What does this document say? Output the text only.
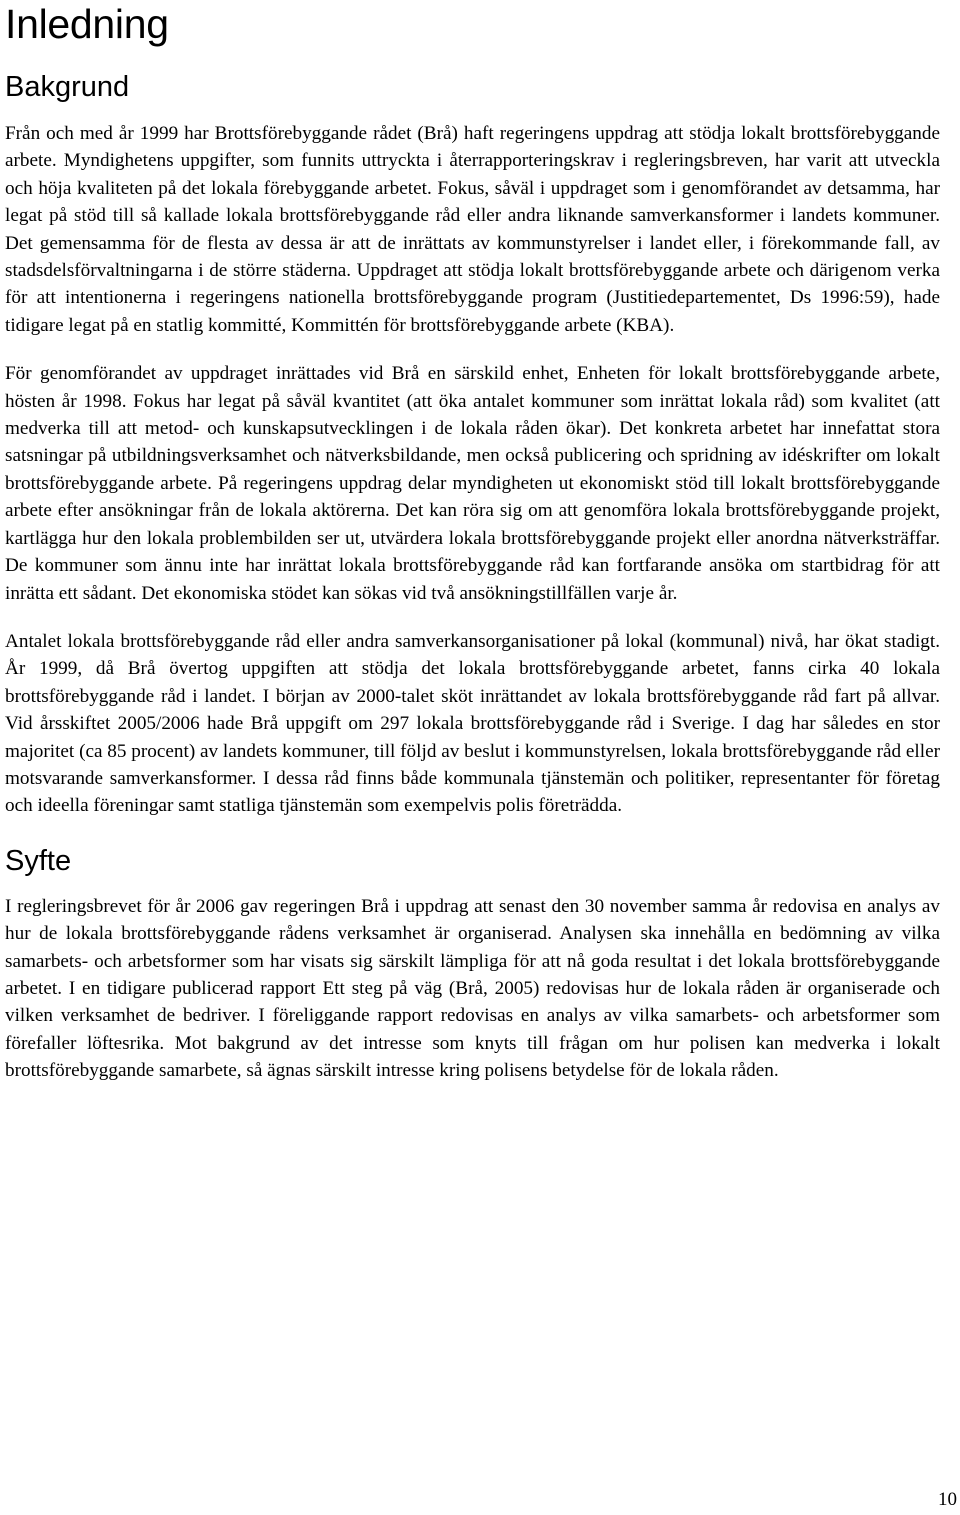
Inledning
Bakgrund

Från och med år 1999 har Brottsförebyggande rådet (Brå) haft regeringens uppdrag att stödja lokalt brottsförebyggande arbete. Myndighetens uppgifter, som funnits uttryckta i återrapporteringskrav i regleringsbreven, har varit att utveckla och höja kvaliteten på det lokala förebyggande arbetet. Fokus, såväl i uppdraget som i genomförandet av detsamma, har legat på stöd till så kallade lokala brottsförebyggande råd eller andra liknande samverkansformer i landets kommuner. Det gemensamma för de flesta av dessa är att de inrättats av kommunstyrelser i landet eller, i förekommande fall, av stadsdelsförvaltningarna i de större städerna. Uppdraget att stödja lokalt brottsförebyggande arbete och därigenom verka för att intentionerna i regeringens nationella brottsförebyggande program (Justitiedepartementet, Ds 1996:59), hade tidigare legat på en statlig kommitté, Kommittén för brottsförebyggande arbete (KBA).

För genomförandet av uppdraget inrättades vid Brå en särskild enhet, Enheten för lokalt brottsförebyggande arbete, hösten år 1998. Fokus har legat på såväl kvantitet (att öka antalet kommuner som inrättat lokala råd) som kvalitet (att medverka till att metod- och kunskapsutvecklingen i de lokala råden ökar). Det konkreta arbetet har innefattat stora satsningar på utbildningsverksamhet och nätverksbildande, men också publicering och spridning av idéskrifter om lokalt brottsförebyggande arbete. På regeringens uppdrag delar myndigheten ut ekonomiskt stöd till lokalt brottsförebyggande arbete efter ansökningar från de lokala aktörerna. Det kan röra sig om att genomföra lokala brottsförebyggande projekt, kartlägga hur den lokala problembilden ser ut, utvärdera lokala brottsförebyggande projekt eller anordna nätverksträffar. De kommuner som ännu inte har inrättat lokala brottsförebyggande råd kan fortfarande ansöka om startbidrag för att inrätta ett sådant. Det ekonomiska stödet kan sökas vid två ansökningstillfällen varje år.

Antalet lokala brottsförebyggande råd eller andra samverkansorganisationer på lokal (kommunal) nivå, har ökat stadigt. År 1999, då Brå övertog uppgiften att stödja det lokala brottsförebyggande arbetet, fanns cirka 40 lokala brottsförebyggande råd i landet. I början av 2000-talet sköt inrättandet av lokala brottsförebyggande råd fart på allvar. Vid årsskiftet 2005/2006 hade Brå uppgift om 297 lokala brottsförebyggande råd i Sverige. I dag har således en stor majoritet (ca 85 procent) av landets kommuner, till följd av beslut i kommunstyrelsen, lokala brottsförebyggande råd eller motsvarande samverkansformer. I dessa råd finns både kommunala tjänstemän och politiker, representanter för företag och ideella föreningar samt statliga tjänstemän som exempelvis polis företrädda.

Syfte

I regleringsbrevet för år 2006 gav regeringen Brå i uppdrag att senast den 30 november samma år redovisa en analys av hur de lokala brottsförebyggande rådens verksamhet är organiserad. Analysen ska innehålla en bedömning av vilka samarbets- och arbetsformer som har visats sig särskilt lämpliga för att nå goda resultat i det lokala brottsförebyggande arbetet. I en tidigare publicerad rapport Ett steg på väg (Brå, 2005) redovisas hur de lokala råden är organiserade och vilken verksamhet de bedriver. I föreliggande rapport redovisas en analys av vilka samarbets- och arbetsformer som förefaller löftesrika. Mot bakgrund av det intresse som knyts till frågan om hur polisen kan medverka i lokalt brottsförebyggande samarbete, så ägnas särskilt intresse kring polisens betydelse för de lokala råden.

10
